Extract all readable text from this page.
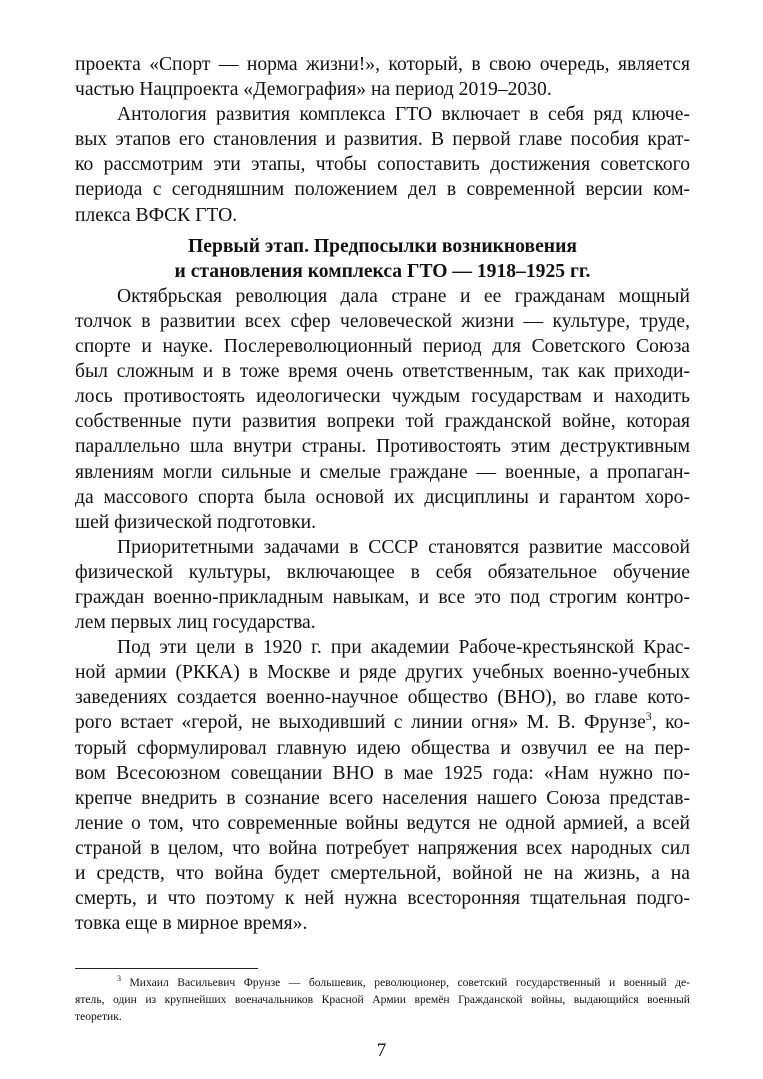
проекта «Спорт — норма жизни!», который, в свою очередь, является
частью Нацпроекта «Демография» на период 2019–2030.
Антология развития комплекса ГТО включает в себя ряд ключе-
вых этапов его становления и развития. В первой главе пособия крат-
ко рассмотрим эти этапы, чтобы сопоставить достижения советского
периода с сегодняшним положением дел в современной версии ком-
плекса ВФСК ГТО.
Первый этап. Предпосылки возникновения
и становления комплекса ГТО — 1918–1925 гг.
Октябрьская революция дала стране и ее гражданам мощный
толчок в развитии всех сфер человеческой жизни — культуре, труде,
спорте и науке. Послереволюционный период для Советского Союза
был сложным и в тоже время очень ответственным, так как приходи-
лось противостоять идеологически чуждым государствам и находить
собственные пути развития вопреки той гражданской войне, которая
параллельно шла внутри страны. Противостоять этим деструктивным
явлениям могли сильные и смелые граждане — военные, а пропаган-
да массового спорта была основой их дисциплины и гарантом хоро-
шей физической подготовки.
Приоритетными задачами в СССР становятся развитие массовой
физической культуры, включающее в себя обязательное обучение
граждан военно-прикладным навыкам, и все это под строгим контро-
лем первых лиц государства.
Под эти цели в 1920 г. при академии Рабоче-крестьянской Крас-
ной армии (РККА) в Москве и ряде других учебных военно-учебных
заведениях создается военно-научное общество (ВНО), во главе кото-
рого встает «герой, не выходивший с линии огня» М. В. Фрунзе$^3$, ко-
торый сформулировал главную идею общества и озвучил ее на пер-
вом Всесоюзном совещании ВНО в мае 1925 года: «Нам нужно по-
крепче внедрить в сознание всего населения нашего Союза представ-
ление о том, что современные войны ведутся не одной армией, а всей
страной в целом, что война потребует напряжения всех народных сил
и средств, что война будет смертельной, войной не на жизнь, а на
смерть, и что поэтому к ней нужна всесторонняя тщательная подго-
товка еще в мирное время».
$^3$ Михаил Васильевич Фрунзе — большевик, революционер, советский государственный и военный де-
ятель, один из крупнейших военачальников Красной Армии времён Гражданской войны, выдающийся военный
теоретик.
7
